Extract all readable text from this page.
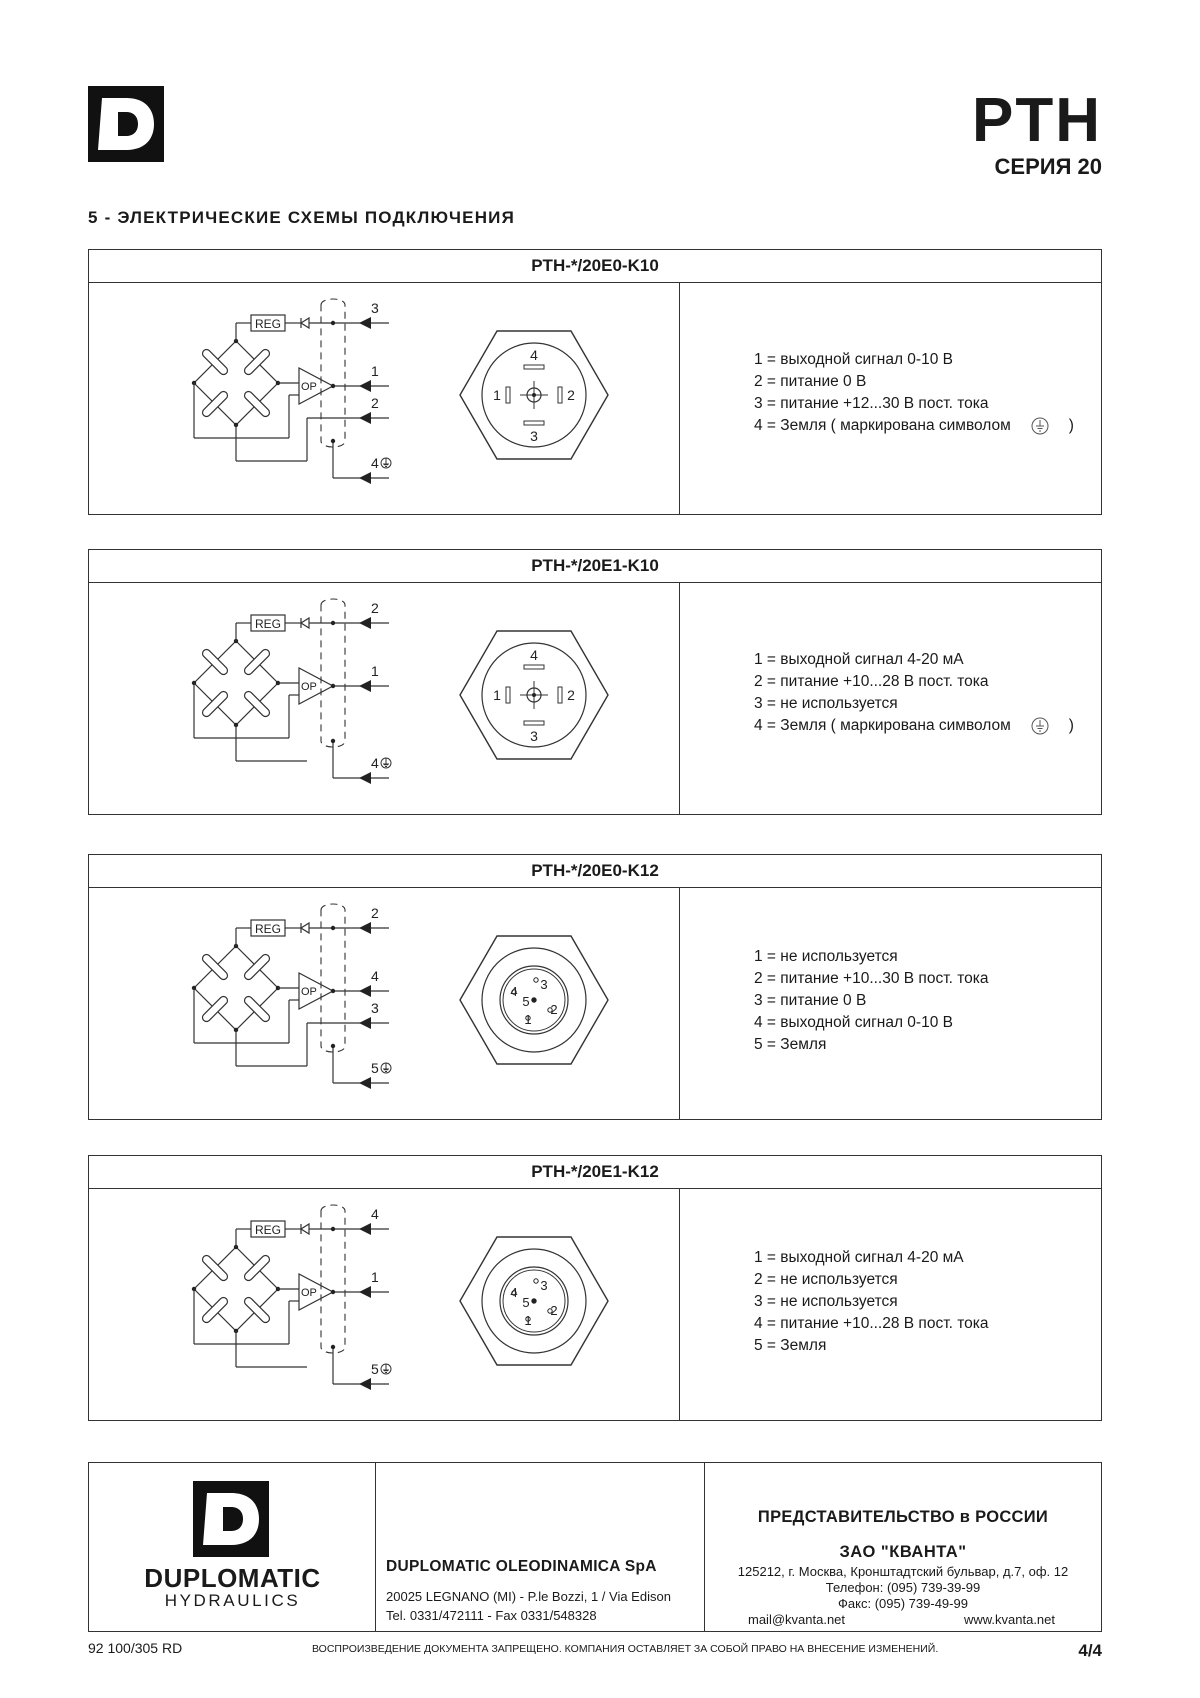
PTH
СЕРИЯ 20
5 - ЭЛЕКТРИЧЕСКИЕ СХЕМЫ ПОДКЛЮЧЕНИЯ
PTH-*/20E0-K10
REG
OP
3
1
2
4
4
1	2
3
1 = выходной сигнал 0-10 В
2 = питание 0 В
3 = питание +12...30 В пост. тока
4 = Земля ( маркирована символом	)
PTH-*/20E1-K10
REG
OP
2
1
4
4
1	2
3
1 = выходной сигнал 4-20 мА
2 = питание +10...28 В пост. тока
3 = не используется
4 = Земля ( маркирована символом	)
PTH-*/20E0-K12
REG
OP
2
4
3
5
4 3
5
2
1
1 = не используется
2 = питание +10...30 В пост. тока
3 = питание 0 В
4 = выходной сигнал 0-10 В
5 = Земля
PTH-*/20E1-K12
REG
OP
4
1
5
4 3
5
2
1
1 = выходной сигнал 4-20 мА
2 = не используется
3 = не используется
4 = питание +10...28 В пост. тока
5 = Земля
DUPLOMATIC
HYDRAULICS
DUPLOMATIC OLEODINAMICA SpA
20025 LEGNANO (MI) - P.le Bozzi, 1 / Via Edison
Tel. 0331/472111 - Fax 0331/548328
ПРЕДСТАВИТЕЛЬСТВО в РОССИИ
ЗАО "КВАНТА"
125212, г. Москва, Кронштадтский бульвар, д.7, оф. 12
Телефон: (095) 739-39-99
Факс: (095) 739-49-99
mail@kvanta.net	www.kvanta.net
92 100/305 RD	ВОСПРОИЗВЕДЕНИЕ ДОКУМЕНТА ЗАПРЕЩЕНО. КОМПАНИЯ ОСТАВЛЯЕТ ЗА СОБОЙ ПРАВО НА ВНЕСЕНИЕ ИЗМЕНЕНИЙ.	4/4
